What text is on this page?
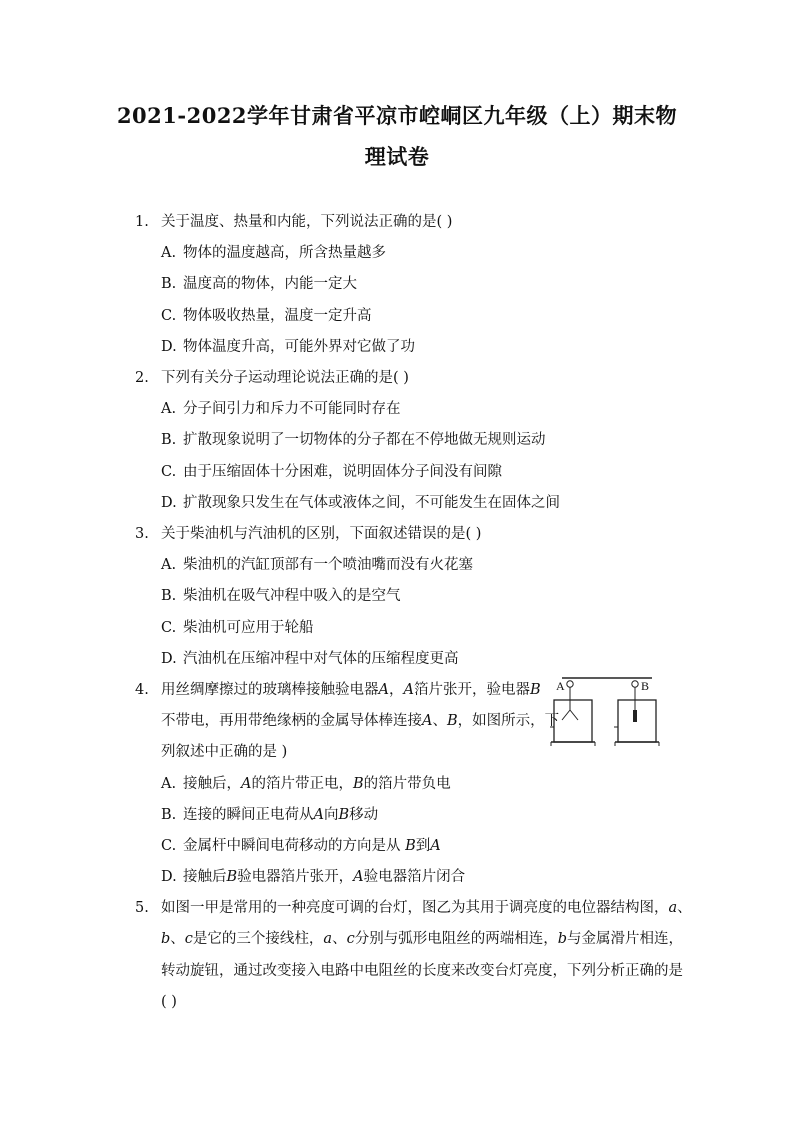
2021-2022学年甘肃省平凉市崆峒区九年级（上）期末物
理试卷
1. 关于温度、热量和内能，下列说法正确的是( )
A. 物体的温度越高，所含热量越多
B. 温度高的物体，内能一定大
C. 物体吸收热量，温度一定升高
D. 物体温度升高，可能外界对它做了功
2. 下列有关分子运动理论说法正确的是( )
A. 分子间引力和斥力不可能同时存在
B. 扩散现象说明了一切物体的分子都在不停地做无规则运动
C. 由于压缩固体十分困难，说明固体分子间没有间隙
D. 扩散现象只发生在气体或液体之间，不可能发生在固体之间
3. 关于柴油机与汽油机的区别，下面叙述错误的是( )
A. 柴油机的汽缸顶部有一个喷油嘴而没有火花塞
B. 柴油机在吸气冲程中吸入的是空气
C. 柴油机可应用于轮船
D. 汽油机在压缩冲程中对气体的压缩程度更高
4. 用丝绸摩擦过的玻璃棒接触验电器A，A箔片张开，验电器B
不带电，再用带绝缘柄的金属导体棒连接A、B，如图所示，下
列叙述中正确的是 )
A	B
A. 接触后，A的箔片带正电，B的箔片带负电
B. 连接的瞬间正电荷从A向B移动
C. 金属杆中瞬间电荷移动的方向是从 B到A
D. 接触后B验电器箔片张开，A验电器箔片闭合
5. 如图一甲是常用的一种亮度可调的台灯，图乙为其用于调亮度的电位器结构图，a、
b、c是它的三个接线柱，a、c分别与弧形电阻丝的两端相连，b与金属滑片相连，
转动旋钮，通过改变接入电路中电阻丝的长度来改变台灯亮度，下列分析正确的是
( )
